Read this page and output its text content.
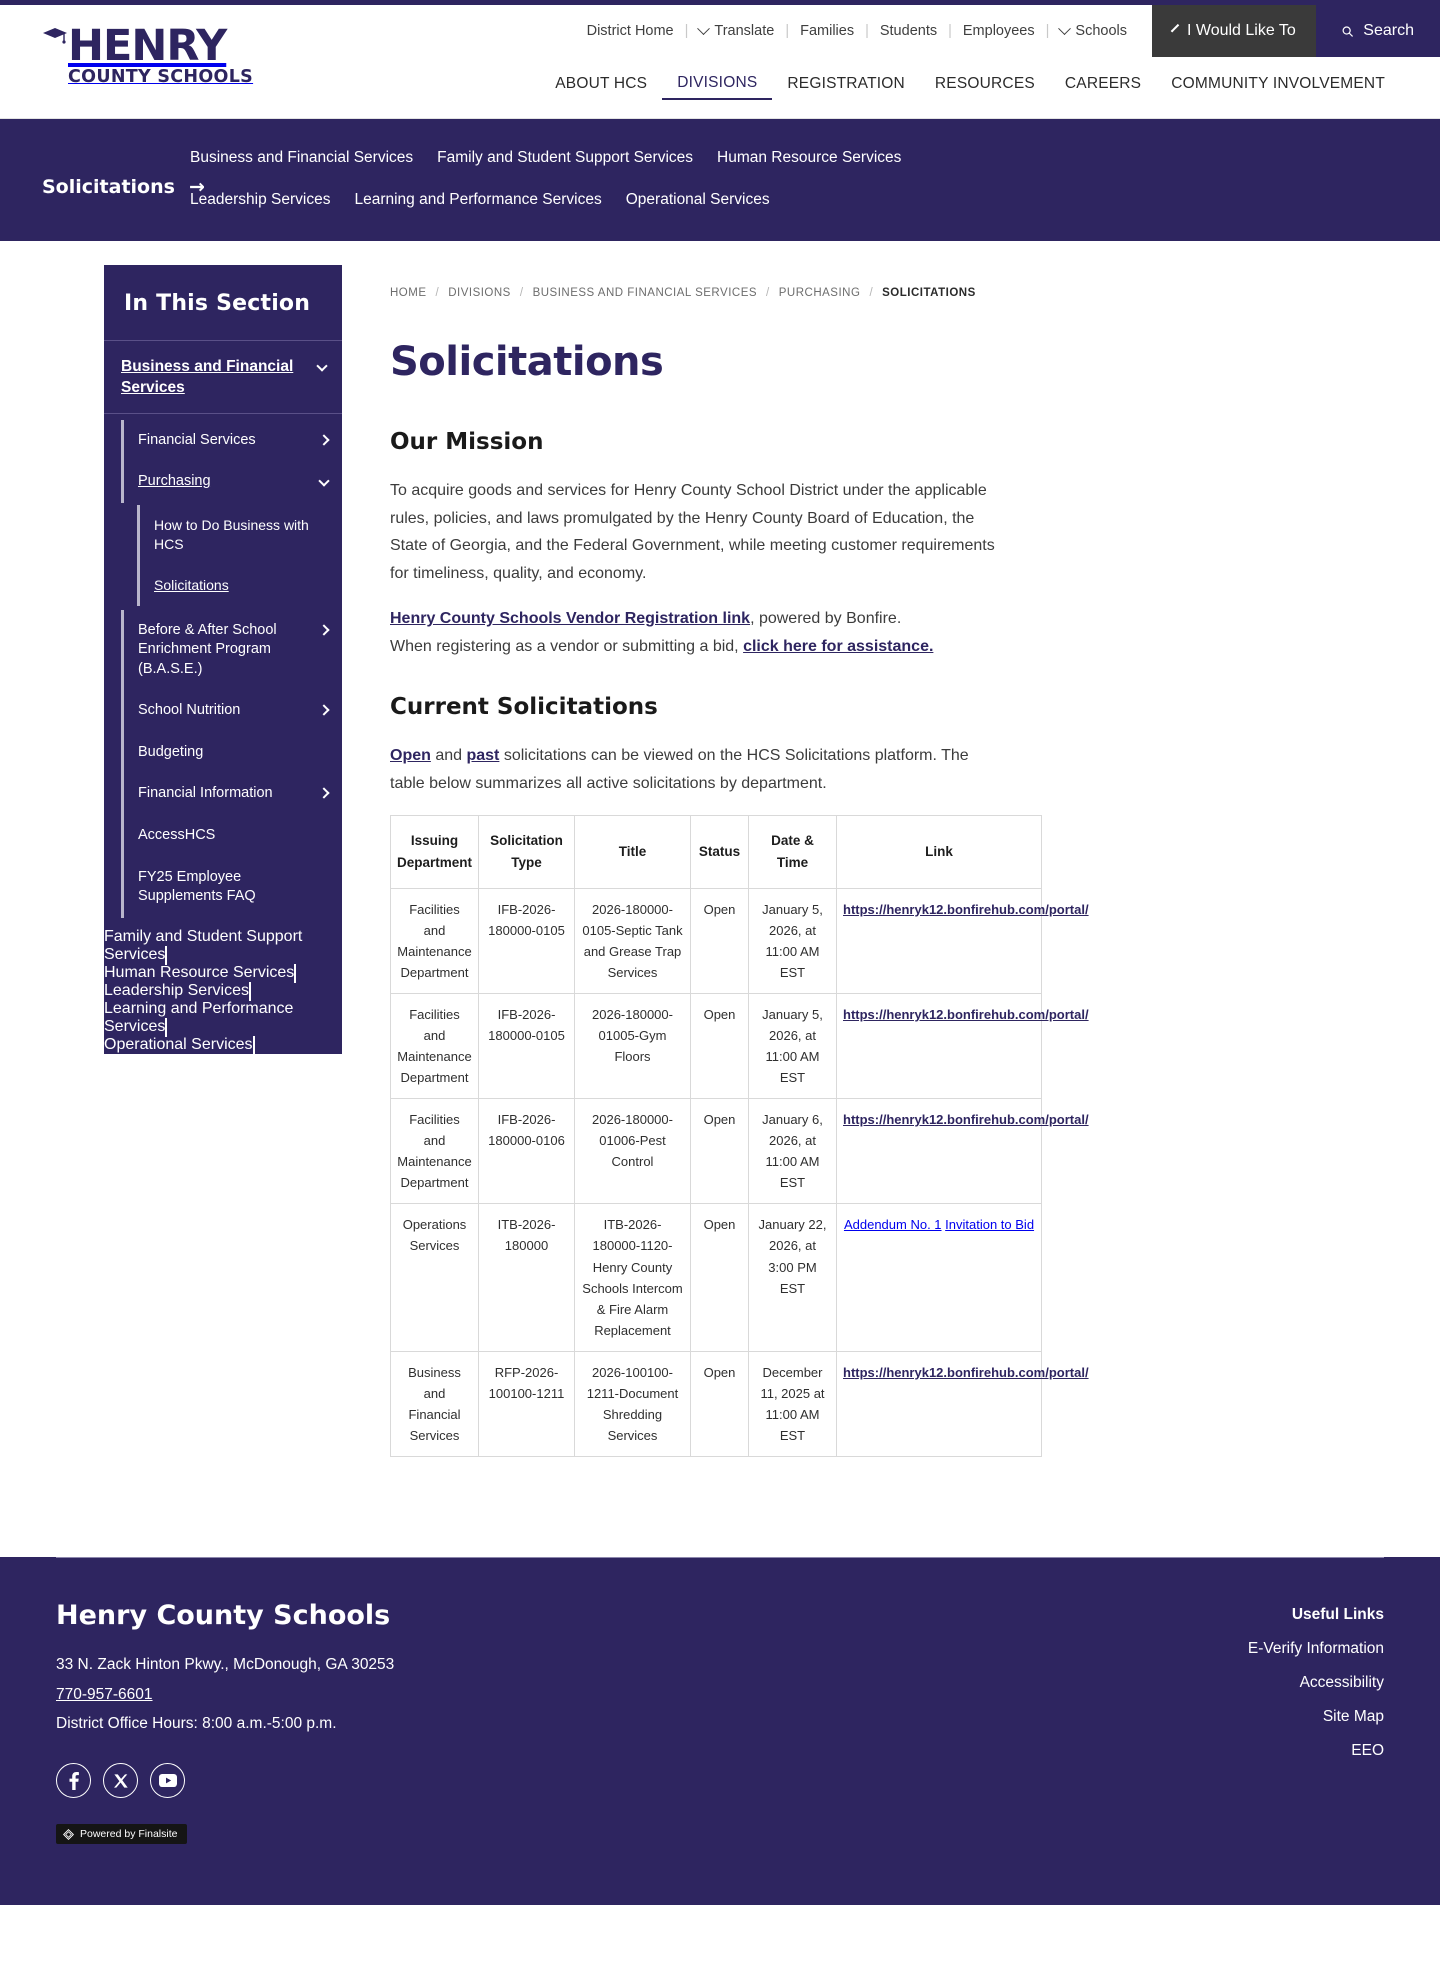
HENRY
COUNTY SCHOOLS
District Home | Translate | Families | Students | Employees | Schools	I Would Like To	Search
ABOUT HCS	DIVISIONS	REGISTRATION	RESOURCES	CAREERS	COMMUNITY INVOLVEMENT
Solicitations →
Business and Financial Services Family and Student Support Services Human Resource Services
Leadership Services Learning and Performance Services Operational Services
In This Section
Business and Financial Services
Financial Services
Purchasing
How to Do Business with HCS
Solicitations
Before & After School Enrichment Program (B.A.S.E.)
School Nutrition
Budgeting
Financial Information
AccessHCS
FY25 Employee Supplements FAQ
Family and Student Support Services
Human Resource Services
Leadership Services
Learning and Performance Services
Operational Services
HOME / DIVISIONS / BUSINESS AND FINANCIAL SERVICES / PURCHASING / SOLICITATIONS
Solicitations
Our Mission

To acquire goods and services for Henry County School District under the applicable rules, policies, and laws promulgated by the Henry County Board of Education, the State of Georgia, and the Federal Government, while meeting customer requirements for timeliness, quality, and economy.

Henry County Schools Vendor Registration link, powered by Bonfire.
When registering as a vendor or submitting a bid, click here for assistance.

Current Solicitations

Open and past solicitations can be viewed on the HCS Solicitations platform. The table below summarizes all active solicitations by department.

Issuing Department	Solicitation Type	Title	Status	Date & Time	Link
Facilities and Maintenance Department	IFB-2026-180000-0105	2026-180000-0105-Septic Tank and Grease Trap Services	Open	January 5, 2026, at 11:00 AM EST	https://henryk12.bonfirehub.com/portal/
Facilities and Maintenance Department	IFB-2026-180000-0105	2026-180000-01005-Gym Floors	Open	January 5, 2026, at 11:00 AM EST	https://henryk12.bonfirehub.com/portal/
Facilities and Maintenance Department	IFB-2026-180000-0106	2026-180000-01006-Pest Control	Open	January 6, 2026, at 11:00 AM EST	https://henryk12.bonfirehub.com/portal/
Operations Services	ITB-2026-180000	ITB-2026-180000-1120-Henry County Schools Intercom & Fire Alarm Replacement	Open	January 22, 2026, at 3:00 PM EST	Addendum No. 1 Invitation to Bid
Business and Financial Services	RFP-2026-100100-1211	2026-100100-1211-Document Shredding Services	Open	December 11, 2025 at 11:00 AM EST	https://henryk12.bonfirehub.com/portal/
Henry County Schools
33 N. Zack Hinton Pkwy., McDonough, GA 30253
770-957-6601
District Office Hours: 8:00 a.m.-5:00 p.m.
Powered by Finalsite
Useful Links
E-Verify Information
Accessibility
Site Map
EEO
